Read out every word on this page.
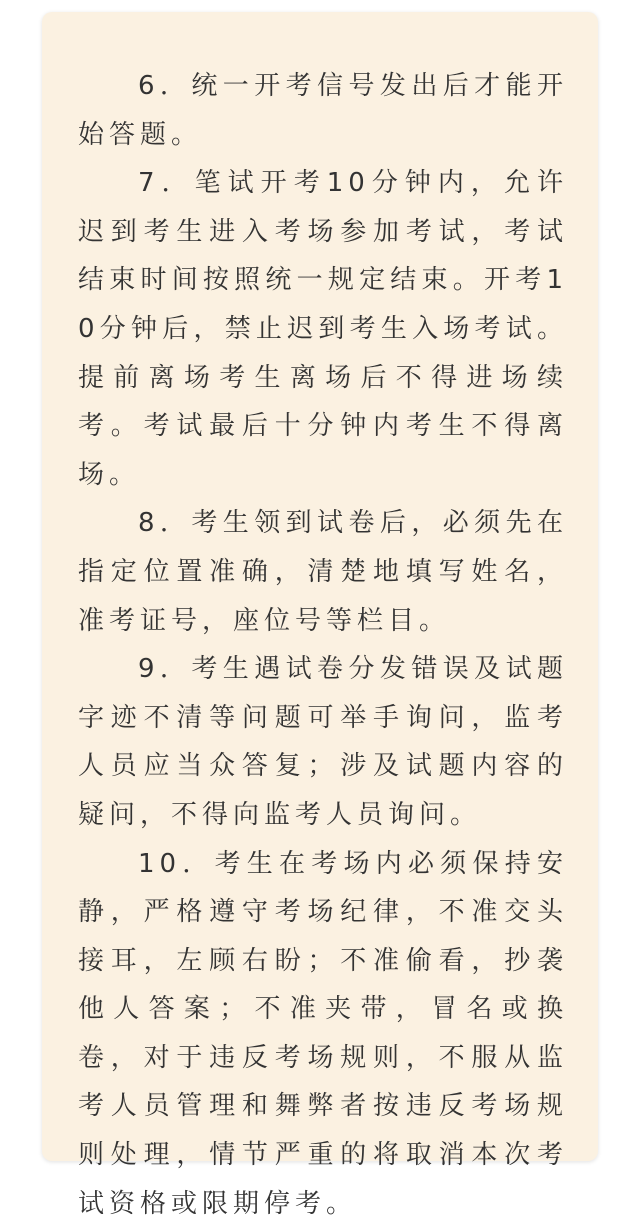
6．统一开考信号发出后才能开始答题。

7．笔试开考10分钟内，允许迟到考生进入考场参加考试，考试结束时间按照统一规定结束。开考10分钟后，禁止迟到考生入场考试。提前离场考生离场后不得进场续考。考试最后十分钟内考生不得离场。

8．考生领到试卷后，必须先在指定位置准确，清楚地填写姓名，准考证号，座位号等栏目。

9．考生遇试卷分发错误及试题字迹不清等问题可举手询问，监考人员应当众答复；涉及试题内容的疑问，不得向监考人员询问。

10．考生在考场内必须保持安静，严格遵守考场纪律，不准交头接耳，左顾右盼；不准偷看，抄袭他人答案；不准夹带，冒名或换卷，对于违反考场规则，不服从监考人员管理和舞弊者按违反考场规则处理，情节严重的将取消本次考试资格或限期停考。
